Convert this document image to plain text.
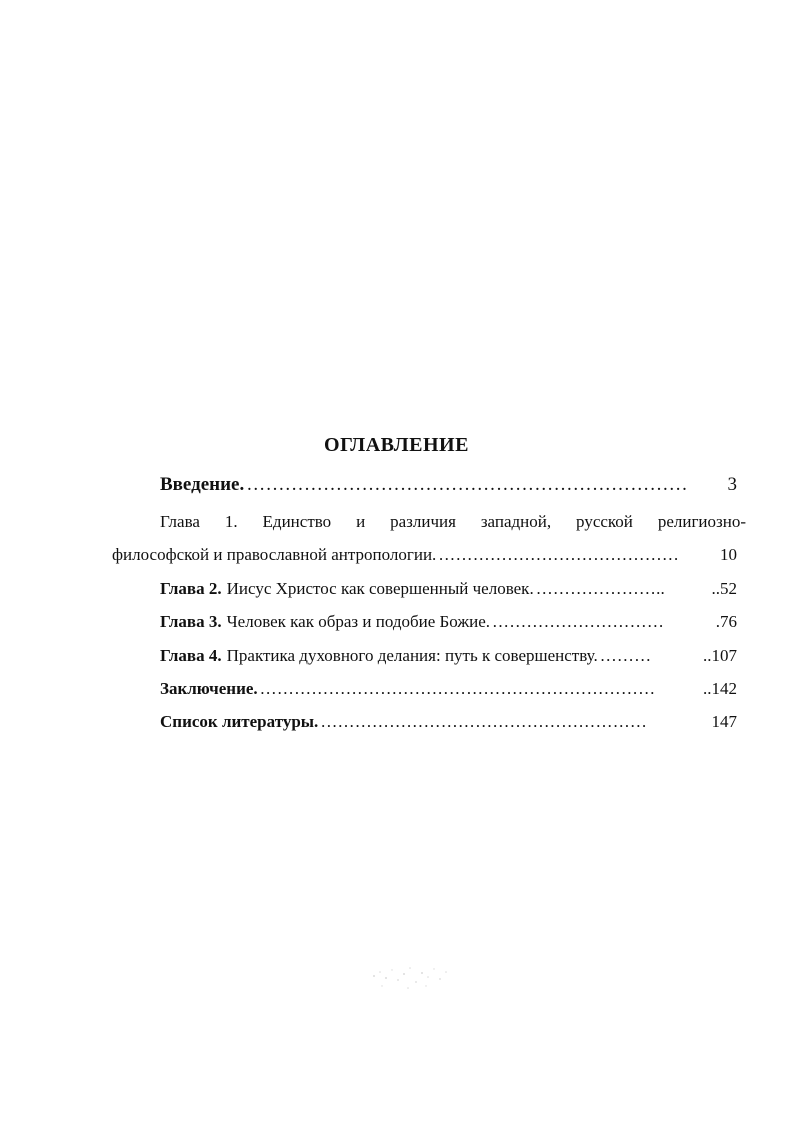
ОГЛАВЛЕНИЕ
Введение. ……………………………………………………………	3
Глава 1. Единство и различия западной, русской религиозно-
философской и православной антропологии. ……………………………………	10
Глава 2. Иисус Христос как совершенный человек. …………………..	..52
Глава 3. Человек как образ и подобие Божие. …………………………	.76
Глава 4. Практика духовного делания: путь к совершенству. ………	..107
Заключение. ……………………………………………………………	..142
Список литературы. …………………………………………………	147
